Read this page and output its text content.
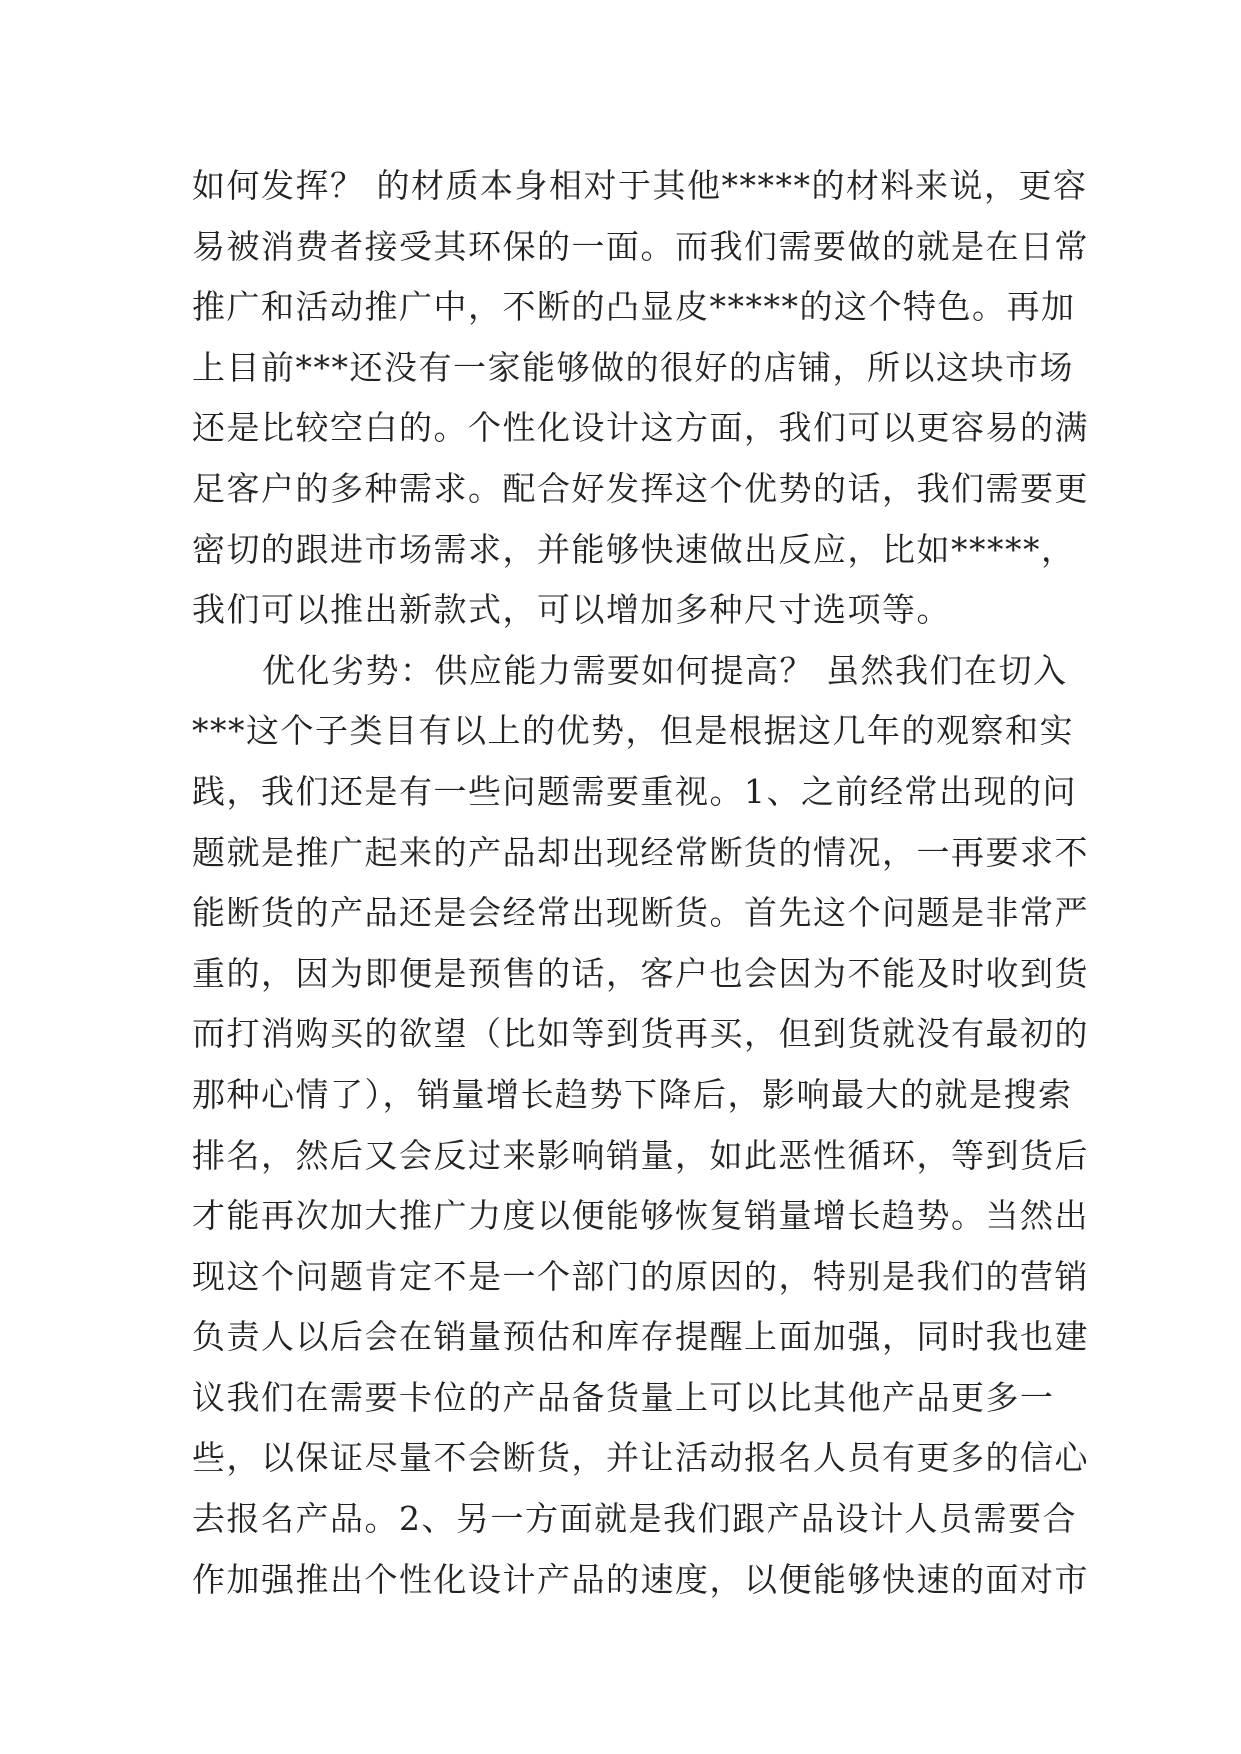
如何发挥？ 的材质本身相对于其他*****的材料来说，更容
易被消费者接受其环保的一面。而我们需要做的就是在日常
推广和活动推广中，不断的凸显皮*****的这个特色。再加
上目前***还没有一家能够做的很好的店铺，所以这块市场
还是比较空白的。个性化设计这方面，我们可以更容易的满
足客户的多种需求。配合好发挥这个优势的话，我们需要更
密切的跟进市场需求，并能够快速做出反应，比如*****，
我们可以推出新款式，可以增加多种尺寸选项等。
优化劣势：供应能力需要如何提高？ 虽然我们在切入
***这个子类目有以上的优势，但是根据这几年的观察和实
践，我们还是有一些问题需要重视。1、之前经常出现的问
题就是推广起来的产品却出现经常断货的情况，一再要求不
能断货的产品还是会经常出现断货。首先这个问题是非常严
重的，因为即便是预售的话，客户也会因为不能及时收到货
而打消购买的欲望（比如等到货再买，但到货就没有最初的
那种心情了），销量增长趋势下降后，影响最大的就是搜索
排名，然后又会反过来影响销量，如此恶性循环，等到货后
才能再次加大推广力度以便能够恢复销量增长趋势。当然出
现这个问题肯定不是一个部门的原因的，特别是我们的营销
负责人以后会在销量预估和库存提醒上面加强，同时我也建
议我们在需要卡位的产品备货量上可以比其他产品更多一
些，以保证尽量不会断货，并让活动报名人员有更多的信心
去报名产品。2、另一方面就是我们跟产品设计人员需要合
作加强推出个性化设计产品的速度，以便能够快速的面对市
